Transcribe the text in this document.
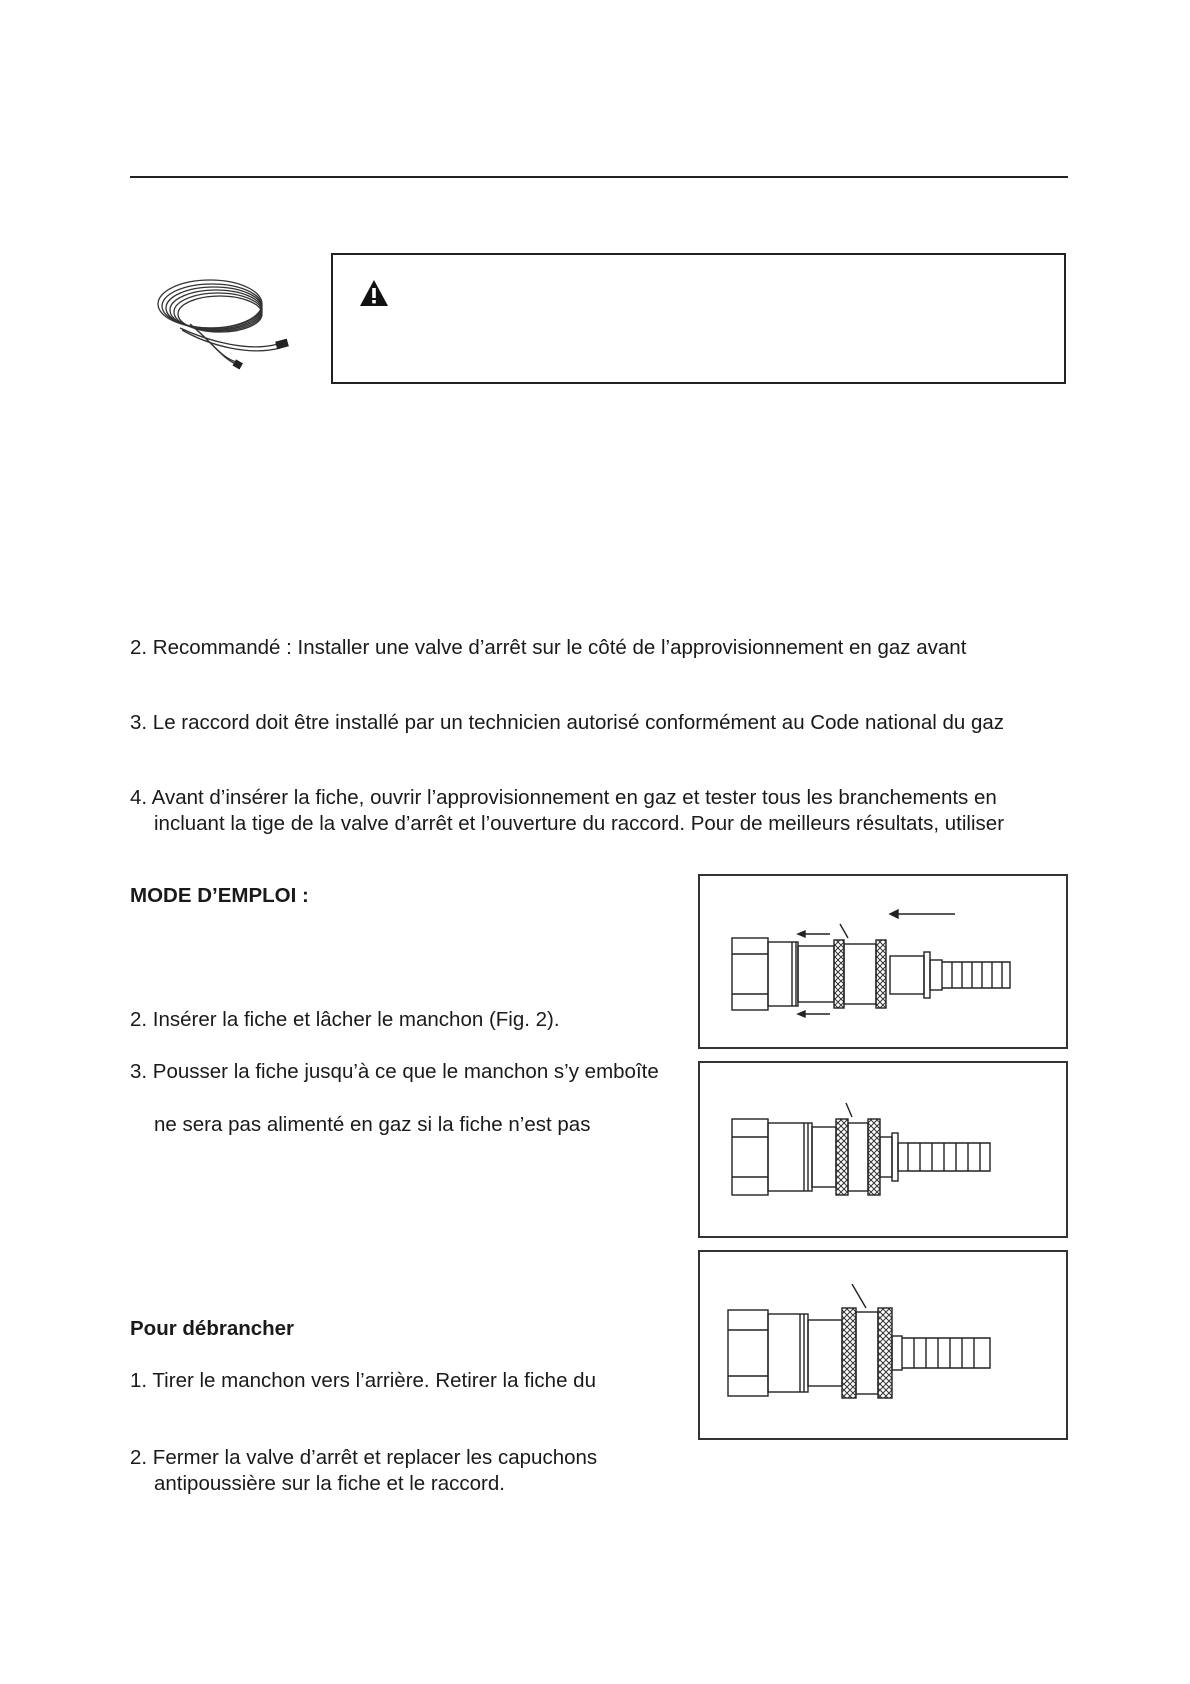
2. Recommandé : Installer une valve d’arrêt sur le côté de l’approvisionnement en gaz avant
3. Le raccord doit être installé par un technicien autorisé conformément au Code national du gaz
4. Avant d’insérer la fiche, ouvrir l’approvisionnement en gaz et tester tous les branchements en
incluant la tige de la valve d’arrêt et l’ouverture du raccord. Pour de meilleurs résultats, utiliser
MODE D’EMPLOI :
2. Insérer la fiche et lâcher le manchon (Fig. 2).
3. Pousser la fiche jusqu’à ce que le manchon s’y emboîte
ne sera pas alimenté en gaz si la fiche n’est pas
Pour débrancher
1. Tirer le manchon vers l’arrière. Retirer la fiche du
2. Fermer la valve d’arrêt et replacer les capuchons
antipoussière sur la fiche et le raccord.
